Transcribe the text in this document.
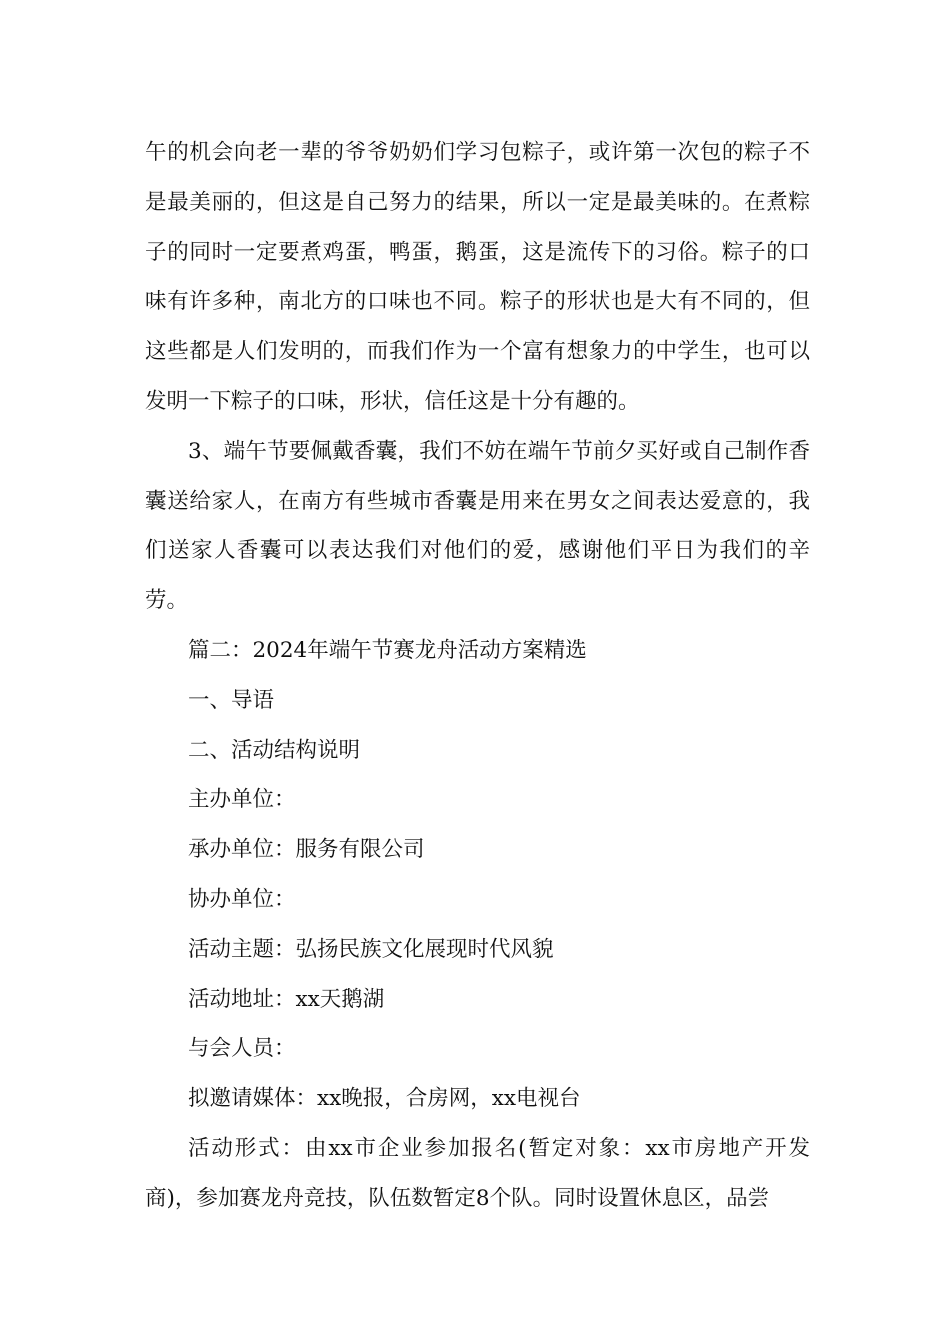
午的机会向老一辈的爷爷奶奶们学习包粽子，或许第一次包的粽子不是最美丽的，但这是自己努力的结果，所以一定是最美味的。在煮粽子的同时一定要煮鸡蛋，鸭蛋，鹅蛋，这是流传下的习俗。粽子的口味有许多种，南北方的口味也不同。粽子的形状也是大有不同的，但这些都是人们发明的，而我们作为一个富有想象力的中学生，也可以发明一下粽子的口味，形状，信任这是十分有趣的。

3、端午节要佩戴香囊，我们不妨在端午节前夕买好或自己制作香囊送给家人，在南方有些城市香囊是用来在男女之间表达爱意的，我们送家人香囊可以表达我们对他们的爱，感谢他们平日为我们的辛劳。

篇二：2024年端午节赛龙舟活动方案精选

一、导语

二、活动结构说明

主办单位：

承办单位：服务有限公司

协办单位：

活动主题：弘扬民族文化展现时代风貌

活动地址：xx天鹅湖

与会人员：

拟邀请媒体：xx晚报，合房网，xx电视台

活动形式：由xx市企业参加报名(暂定对象：xx市房地产开发商)，参加赛龙舟竞技，队伍数暂定8个队。同时设置休息区，品尝
